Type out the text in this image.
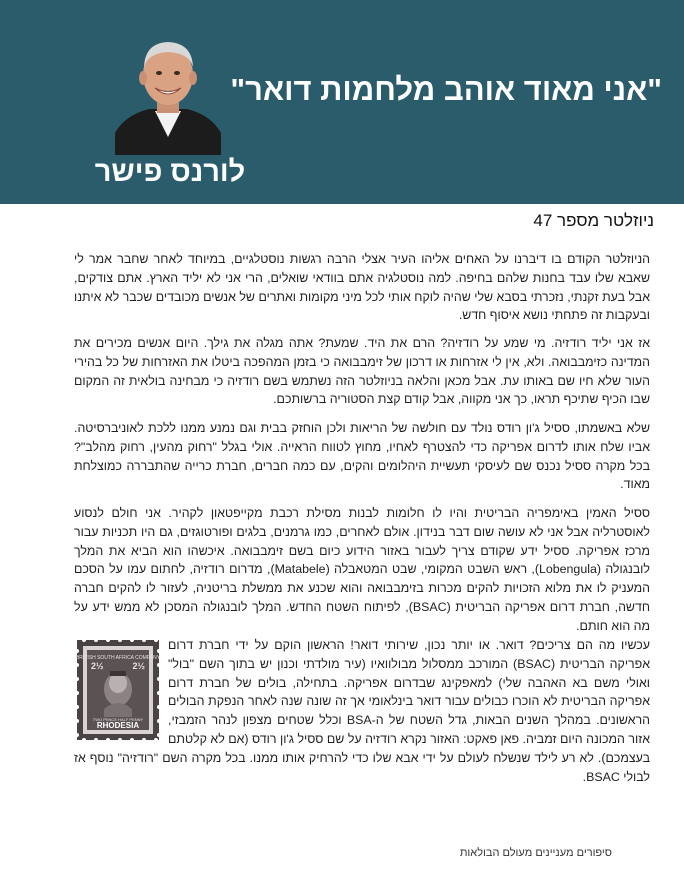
"אני מאוד אוהב מלחמות דואר"
לורנס פישר
ניוזלטר מספר 47

הניוזלטר הקודם בו דיברנו על האחים אליהו העיר אצלי הרבה רגשות נוסטלגיים, במיוחד לאחר שחבר אמר לי שאבא שלו עבד בחנות שלהם בחיפה. למה נוסטלגיה אתם בוודאי שואלים, הרי אני לא יליד הארץ. אתם צודקים, אבל בעת זקנתי, נזכרתי בסבא שלי שהיה לוקח אותי לכל מיני מקומות ואתרים של אנשים מכובדים שכבר לא איתנו ובעקבות זה פתחתי נושא איסוף חדש.

אז אני יליד רודזיה. מי שמע על רודזיה? הרם את היד. שמעת? אתה מגלה את גילך. היום אנשים מכירים את המדינה כזימבבואה. ולא, אין לי אזרחות או דרכון של זימבבואה כי בזמן המהפכה ביטלו את האזרחות של כל בהירי העור שלא חיו שם באותו עת. אבל מכאן והלאה בניוזלטר הזה נשתמש בשם רודזיה כי מבחינה בולאית זה המקום שבו הכיף שתיכף תראו, כך אני מקווה, אבל קודם קצת הסטוריה ברשותכם.

שלא באשמתו, ססיל ג'ון רודס נולד עם חולשה של הריאות ולכן הוחזק בבית וגם נמנע ממנו ללכת לאוניברסיטה. אביו שלח אותו לדרום אפריקה כדי להצטרף לאחיו, מחוץ לטווח הראייה. אולי בגלל "רחוק מהעין, רחוק מהלב"? בכל מקרה ססיל נכנס שם לעיסקי תעשיית היהלומים והקים, עם כמה חברים, חברת כרייה שהתבררה כמוצלחת מאוד.

ססיל האמין באימפריה הבריטית והיו לו חלומות לבנות מסילת רכבת מקייפטאון לקהיר. אני חולם לנסוע לאוסטרליה אבל אני לא עושה שום דבר בנידון. אולם לאחרים, כמו גרמנים, בלגים ופורטוגזים, גם היו תכניות עבור מרכז אפריקה. ססיל ידע שקודם צריך לעבור באזור הידוע כיום בשם זימבבואה. איכשהו הוא הביא את המלך לובנגולה (Lobengula), ראש השבט המקומי, שבט המטאבלה (Matabele), מדרום רודזיה, לחתום עמו על הסכם המעניק לו את מלוא הזכויות להקים מכרות בזימבבואה והוא שכנע את ממשלת בריטניה, לעזור לו להקים חברה חדשה, חברת דרום אפריקה הבריטית (BSAC), לפיתוח השטח החדש. המלך לובנגולה המסכן לא ממש ידע על מה הוא חותם.

עכשיו מה הם צריכים? דואר. או יותר נכון, שירותי דואר! הראשון הוקם על ידי חברת דרום אפריקה הבריטית (BSAC) המורכב ממסלול מבולוואיו (עיר מולדתי וכנון יש בתוך השם "בול" ואולי משם בא האהבה שלי) למאפקינג שבדרום אפריקה. בתחילה, בולים של חברת דרום אפריקה הבריטית לא הוכרו כבולים עבור דואר בינלאומי אך זה שונה שנה לאחר הנפקת הבולים הראשונים. במהלך השנים הבאות, גדל השטח של ה-BSA וכלל שטחים מצפון לנהר הזמבזי, אזור המכונה היום זמביה. פאן פאקט: האזור נקרא רודזיה על שם ססיל ג'ון רודס (אם לא קלטתם בעצמכם). לא רע לילד שנשלח לעולם על ידי אבא שלו כדי להרחיק אותו ממנו. בכל מקרה השם "רודזיה" נוסף אז לבולי BSAC.
BRITISH SOUTH AFRICA COMPANY
2½	2½
TWO PENCE HALF PENNY
RHODESIA
סיפורים מעניינים מעולם הבולאות
